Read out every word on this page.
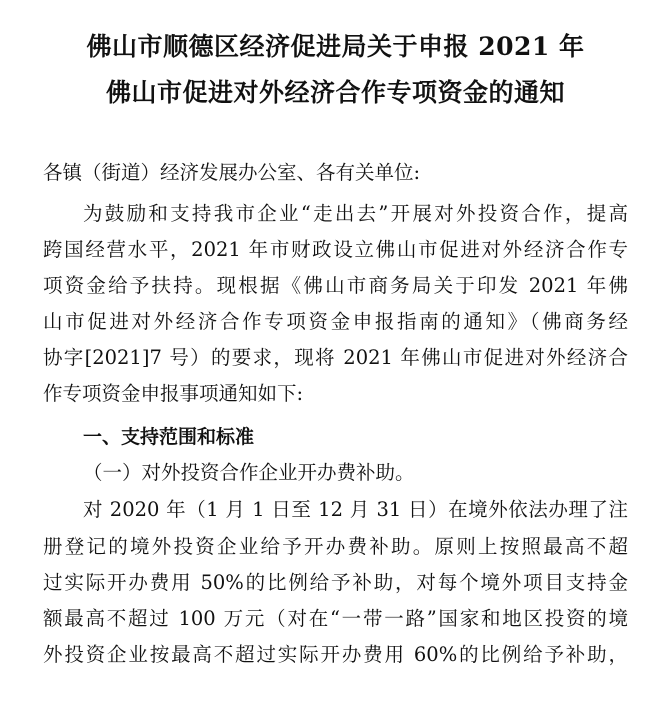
佛山市顺德区经济促进局关于申报 2021 年
佛山市促进对外经济合作专项资金的通知
各镇（街道）经济发展办公室、各有关单位:
为鼓励和支持我市企业“走出去”开展对外投资合作，提高
跨国经营水平，2021 年市财政设立佛山市促进对外经济合作专
项资金给予扶持。现根据《佛山市商务局关于印发 2021 年佛
山市促进对外经济合作专项资金申报指南的通知》（佛商务经
协字[2021]7 号）的要求，现将 2021 年佛山市促进对外经济合
作专项资金申报事项通知如下:
一、支持范围和标准
（一）对外投资合作企业开办费补助。
对 2020 年（1 月 1 日至 12 月 31 日）在境外依法办理了注
册登记的境外投资企业给予开办费补助。原则上按照最高不超
过实际开办费用 50%的比例给予补助，对每个境外项目支持金
额最高不超过 100 万元（对在“一带一路”国家和地区投资的境
外投资企业按最高不超过实际开办费用 60%的比例给予补助，
